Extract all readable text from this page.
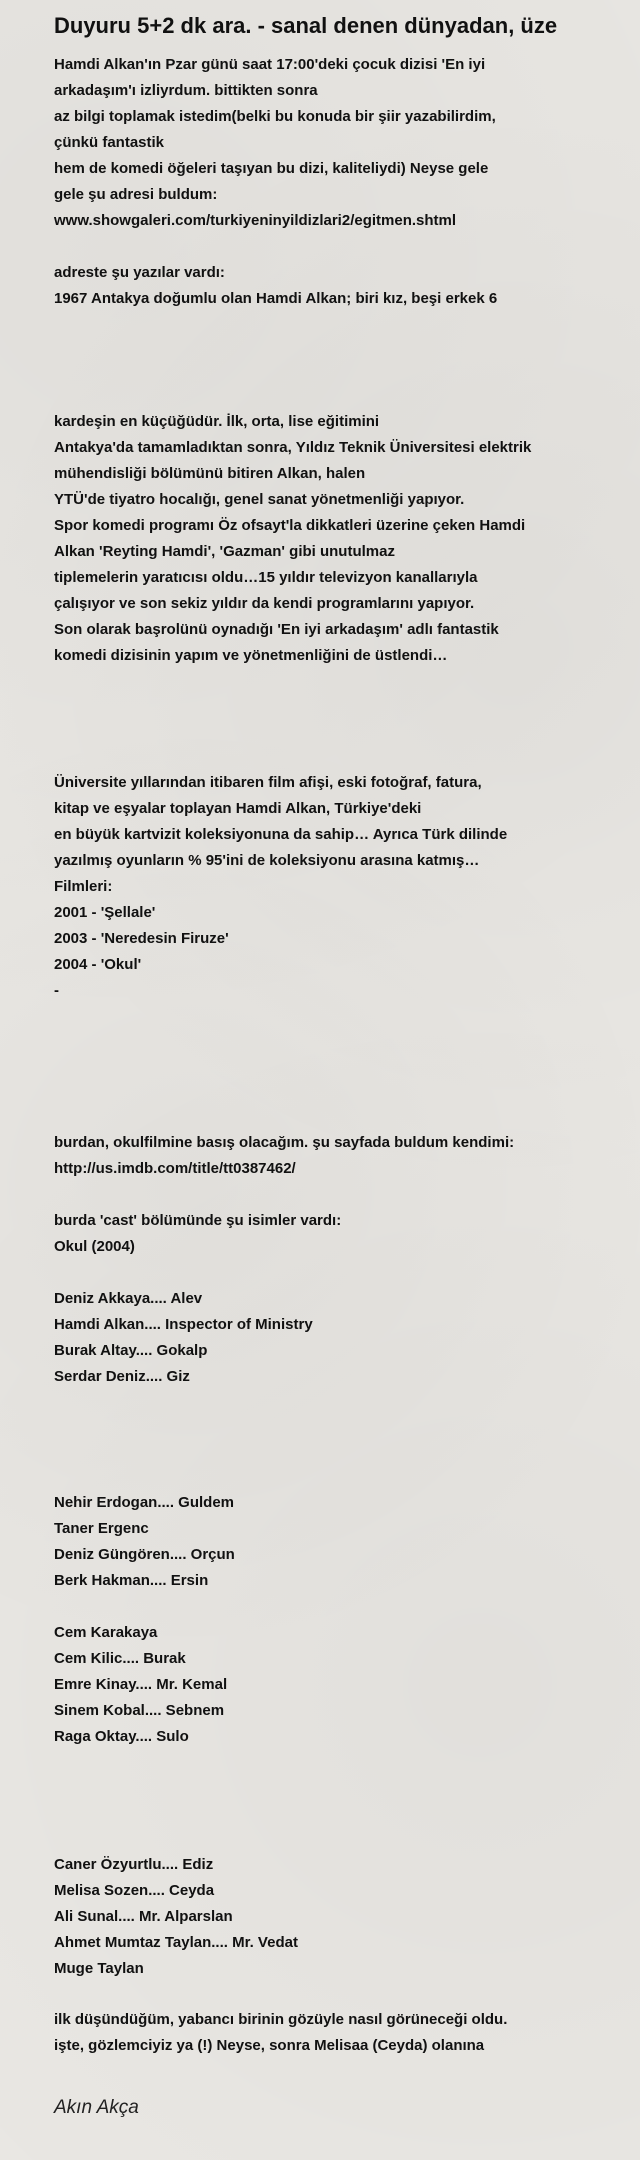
Duyuru 5+2 dk ara. - sanal denen dünyadan, üze

Hamdi Alkan'ın Pzar günü saat 17:00'deki çocuk dizisi 'En iyi
arkadaşım'ı izliyrdum. bittikten sonra
az bilgi toplamak istedim(belki bu konuda bir şiir yazabilirdim,
çünkü fantastik
hem de komedi öğeleri taşıyan bu dizi, kaliteliydi) Neyse gele
gele şu adresi buldum:
www.showgaleri.com/turkiyeninyildizlari2/egitmen.shtml

adreste şu yazılar vardı:
1967 Antakya doğumlu olan Hamdi Alkan; biri kız, beşi erkek 6

kardeşin en küçüğüdür. İlk, orta, lise eğitimini
Antakya'da tamamladıktan sonra, Yıldız Teknik Üniversitesi elektrik
mühendisliği bölümünü bitiren Alkan, halen
YTÜ'de tiyatro hocalığı, genel sanat yönetmenliği yapıyor.
Spor komedi programı Öz ofsayt'la dikkatleri üzerine çeken Hamdi
Alkan 'Reyting Hamdi', 'Gazman' gibi unutulmaz
tiplemelerin yaratıcısı oldu…15 yıldır televizyon kanallarıyla
çalışıyor ve son sekiz yıldır da kendi programlarını yapıyor.
Son olarak başrolünü oynadığı 'En iyi arkadaşım' adlı fantastik
komedi dizisinin yapım ve yönetmenliğini de üstlendi…

Üniversite yıllarından itibaren film afişi, eski fotoğraf, fatura,
kitap ve eşyalar toplayan Hamdi Alkan, Türkiye'deki
en büyük kartvizit koleksiyonuna da sahip… Ayrıca Türk dilinde
yazılmış oyunların % 95'ini de koleksiyonu arasına katmış…
Filmleri:
2001 - 'Şellale'
2003 - 'Neredesin Firuze'
2004 - 'Okul'
-

burdan, okulfilmine basış olacağım. şu sayfada buldum kendimi:
http://us.imdb.com/title/tt0387462/

burda 'cast' bölümünde şu isimler vardı:
Okul (2004)

Deniz Akkaya.... Alev
Hamdi Alkan.... Inspector of Ministry
Burak Altay.... Gokalp
Serdar Deniz.... Giz

Nehir Erdogan.... Guldem
Taner Ergenc
Deniz Güngören.... Orçun
Berk Hakman.... Ersin

Cem Karakaya
Cem Kilic.... Burak
Emre Kinay.... Mr. Kemal
Sinem Kobal.... Sebnem
Raga Oktay.... Sulo

Caner Özyurtlu.... Ediz
Melisa Sozen.... Ceyda
Ali Sunal.... Mr. Alparslan
Ahmet Mumtaz Taylan.... Mr. Vedat
Muge Taylan

ilk düşündüğüm, yabancı birinin gözüyle nasıl görüneceği oldu.
işte, gözlemciyiz ya (!) Neyse, sonra Melisaa (Ceyda) olanına

Akın Akça
